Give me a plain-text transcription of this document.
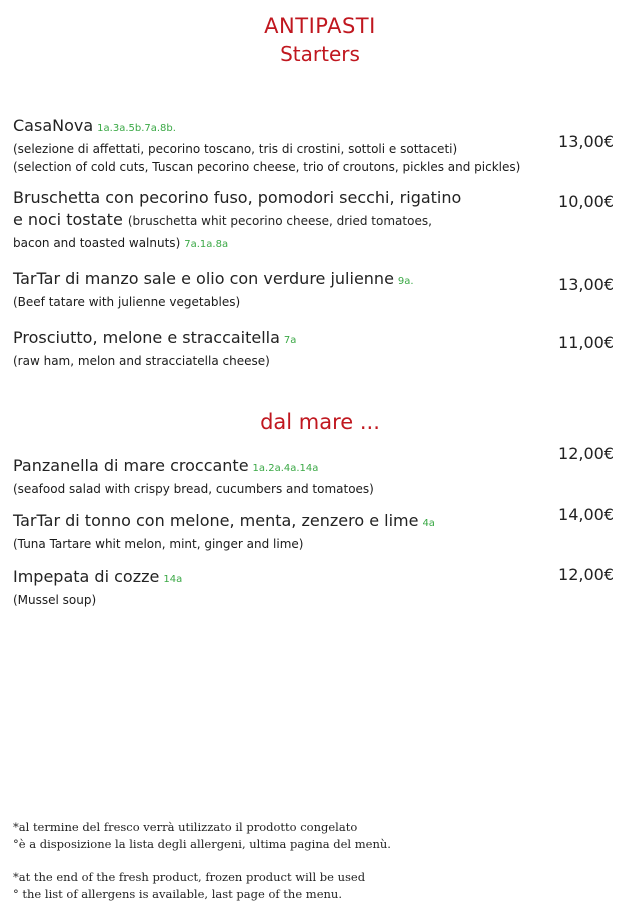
ANTIPASTI
Starters
CasaNova 1a.3a.5b.7a.8b.
(selezione di affettati, pecorino toscano, tris di crostini, sottoli e sottaceti)
(selection of cold cuts, Tuscan pecorino cheese, trio of croutons, pickles and pickles)
13,00€
Bruschetta con pecorino fuso, pomodori secchi, rigatino
e noci tostate (bruschetta whit pecorino cheese, dried tomatoes,
bacon and toasted walnuts) 7a.1a.8a
10,00€
TarTar di manzo sale e olio con verdure julienne 9a.
(Beef tatare with julienne vegetables)
13,00€
Prosciutto, melone e straccaitella 7a
(raw ham, melon and stracciatella cheese)
11,00€
dal mare ...
Panzanella di mare croccante 1a.2a.4a.14a
(seafood salad with crispy bread, cucumbers and tomatoes)
12,00€
TarTar di tonno con melone, menta, zenzero e lime 4a
(Tuna Tartare whit melon, mint, ginger and lime)
14,00€
Impepata di cozze 14a
(Mussel soup)
12,00€
*al termine del fresco verrà utilizzato il prodotto congelato
°è a disposizione la lista degli allergeni, ultima pagina del menù.
*at the end of the fresh product, frozen product will be used
° the list of allergens is available, last page of the menu.
